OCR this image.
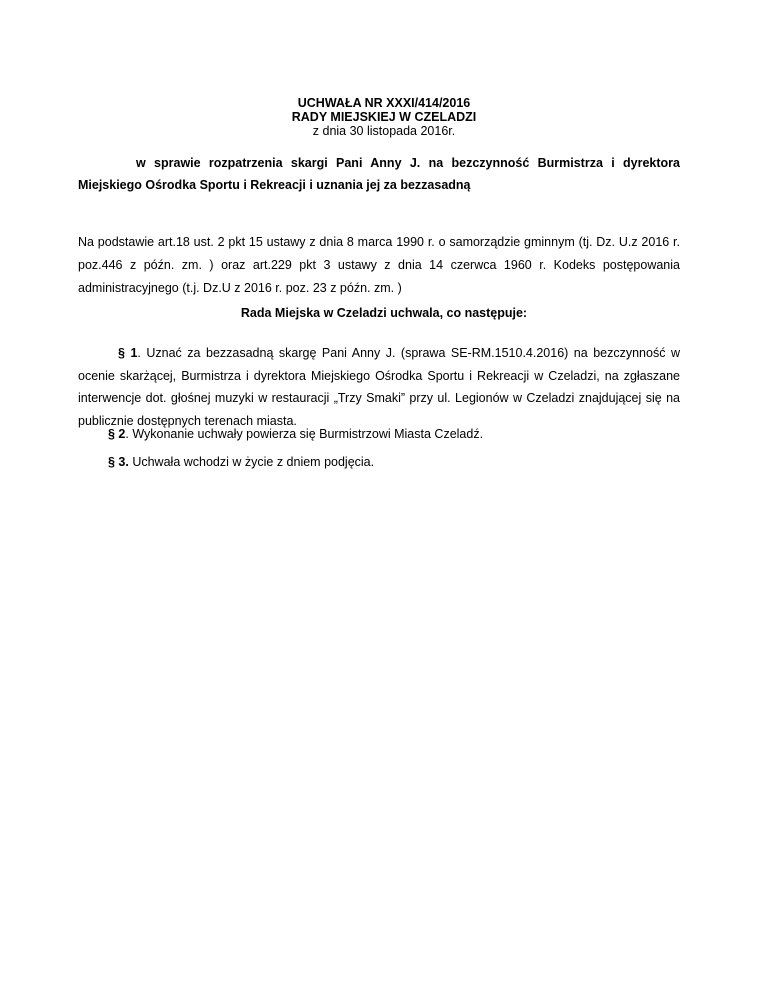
UCHWAŁA NR XXXI/414/2016
RADY MIEJSKIEJ W CZELADZI
z dnia 30 listopada 2016r.
w sprawie rozpatrzenia skargi Pani Anny J. na bezczynność Burmistrza i dyrektora Miejskiego Ośrodka Sportu i Rekreacji i uznania jej za bezzasadną
Na podstawie art.18 ust. 2 pkt 15 ustawy z dnia 8 marca 1990 r. o samorządzie gminnym (tj. Dz. U.z 2016 r. poz.446 z późn. zm. ) oraz art.229 pkt 3 ustawy z dnia 14 czerwca 1960 r. Kodeks postępowania administracyjnego (t.j. Dz.U z 2016 r. poz. 23 z późn. zm. )
Rada Miejska w Czeladzi uchwala, co następuje:
§ 1. Uznać za bezzasadną skargę Pani Anny J. (sprawa SE-RM.1510.4.2016) na bezczynność w ocenie skarżącej, Burmistrza i dyrektora Miejskiego Ośrodka Sportu i Rekreacji w Czeladzi, na zgłaszane interwencje dot. głośnej muzyki w restauracji „Trzy Smaki” przy ul. Legionów w Czeladzi znajdującej się na publicznie dostępnych terenach miasta.
§ 2. Wykonanie uchwały powierza się Burmistrzowi Miasta Czeladź.
§ 3. Uchwała wchodzi w życie z dniem podjęcia.
